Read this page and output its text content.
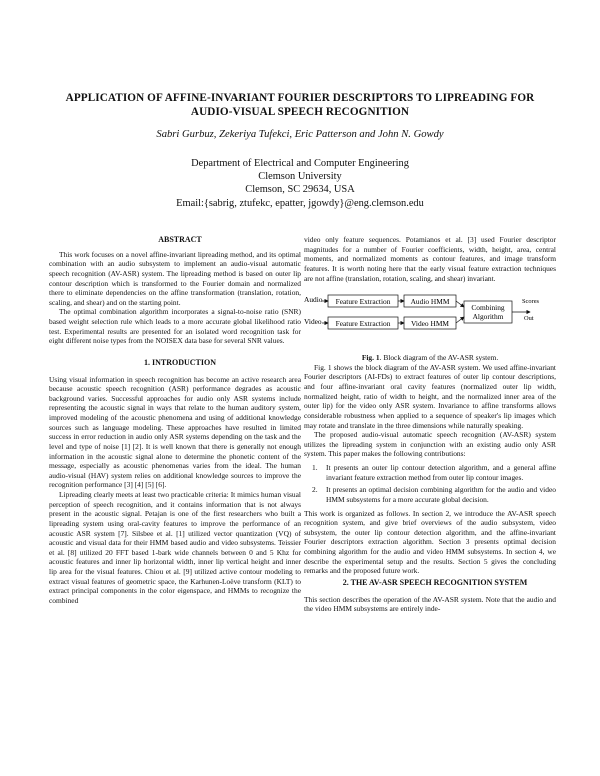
APPLICATION OF AFFINE-INVARIANT FOURIER DESCRIPTORS TO LIPREADING FOR
AUDIO-VISUAL SPEECH RECOGNITION
Sabri Gurbuz, Zekeriya Tufekci, Eric Patterson and John N. Gowdy
Department of Electrical and Computer Engineering
Clemson University
Clemson, SC 29634, USA
Email:{sabrig, ztufekc, epatter, jgowdy}@eng.clemson.edu

ABSTRACT

This work focuses on a novel affine-invariant lipreading method, and its optimal combination with an audio subsystem to implement an audio-visual automatic speech recognition (AV-ASR) system. The lipreading method is based on outer lip contour description which is transformed to the Fourier domain and normalized there to eliminate dependencies on the affine transformation (translation, rotation, scaling, and shear) and on the starting point.

The optimal combination algorithm incorporates a signal-to-noise ratio (SNR) based weight selection rule which leads to a more accurate global likelihood ratio test. Experimental results are presented for an isolated word recognition task for eight different noise types from the NOISEX data base for several SNR values.

1. INTRODUCTION

Using visual information in speech recognition has become an active research area because acoustic speech recognition (ASR) performance degrades as acoustic background varies. Successful approaches for audio only ASR systems include representing the acoustic signal in ways that relate to the human auditory system, improved modeling of the acoustic phenomena and using of additional knowledge sources such as language modeling. These approaches have resulted in limited success in error reduction in audio only ASR systems depending on the task and the level and type of noise [1] [2]. It is well known that there is generally not enough information in the acoustic signal alone to determine the phonetic content of the message, especially as acoustic phenomenas varies from the ideal. The human audio-visual (HAV) system relies on additional knowledge sources to improve the recognition performance [3] [4] [5] [6].

Lipreading clearly meets at least two practicable criteria: It mimics human visual perception of speech recognition, and it contains information that is not always present in the acoustic signal. Petajan is one of the first researchers who built a lipreading system using oral-cavity features to improve the performance of an acoustic ASR system [7]. Silsbee et al. [1] utilized vector quantization (VQ) of acoustic and visual data for their HMM based audio and video subsystems. Teissier et al. [8] utilized 20 FFT based 1-bark wide channels between 0 and 5 Khz for acoustic features and inner lip horizontal width, inner lip vertical height and inner lip area for the visual features. Chiou et al. [9] utilized active contour modeling to extract visual features of geometric space, the Karhunen-Loève transform (KLT) to extract principal components in the color eigenspace, and HMMs to recognize the combined

video only feature sequences. Potamianos et al. [3] used Fourier descriptor magnitudes for a number of Fourier coefficients, width, height, area, central moments, and normalized moments as contour features, and image transform features. It is worth noting here that the early visual feature extraction techniques are not affine (translation, rotation, scaling, and shear) invariant.

Audio
Video
Feature Extraction
Feature Extraction
Audio HMM
Video HMM
Combining
Algorithm
Scores
Out

Fig. 1. Block diagram of the AV-ASR system.

Fig. 1 shows the block diagram of the AV-ASR system. We used affine-invariant Fourier descriptors (AI-FDs) to extract features of outer lip contour descriptions, and four affine-invariant oral cavity features (normalized outer lip width, normalized height, ratio of width to height, and the normalized inner area of the outer lip) for the video only ASR system. Invariance to affine transforms allows considerable robustness when applied to a sequence of speaker's lip images which may rotate and translate in the three dimensions while naturally speaking.

The proposed audio-visual automatic speech recognition (AV-ASR) system utilizes the lipreading system in conjunction with an existing audio only ASR system. This paper makes the following contributions:

1.	It presents an outer lip contour detection algorithm, and a general affine invariant feature extraction method from outer lip contour images.
2.	It presents an optimal decision combining algorithm for the audio and video HMM subsystems for a more accurate global decision.

This work is organized as follows. In section 2, we introduce the AV-ASR speech recognition system, and give brief overviews of the audio subsystem, video subsystem, the outer lip contour detection algorithm, and the affine-invariant Fourier descriptors extraction algorithm. Section 3 presents optimal decision combining algorithm for the audio and video HMM subsystems. In section 4, we describe the experimental setup and the results. Section 5 gives the concluding remarks and the proposed future work.

2. THE AV-ASR SPEECH RECOGNITION SYSTEM

This section describes the operation of the AV-ASR system. Note that the audio and the video HMM subsystems are entirely inde-
